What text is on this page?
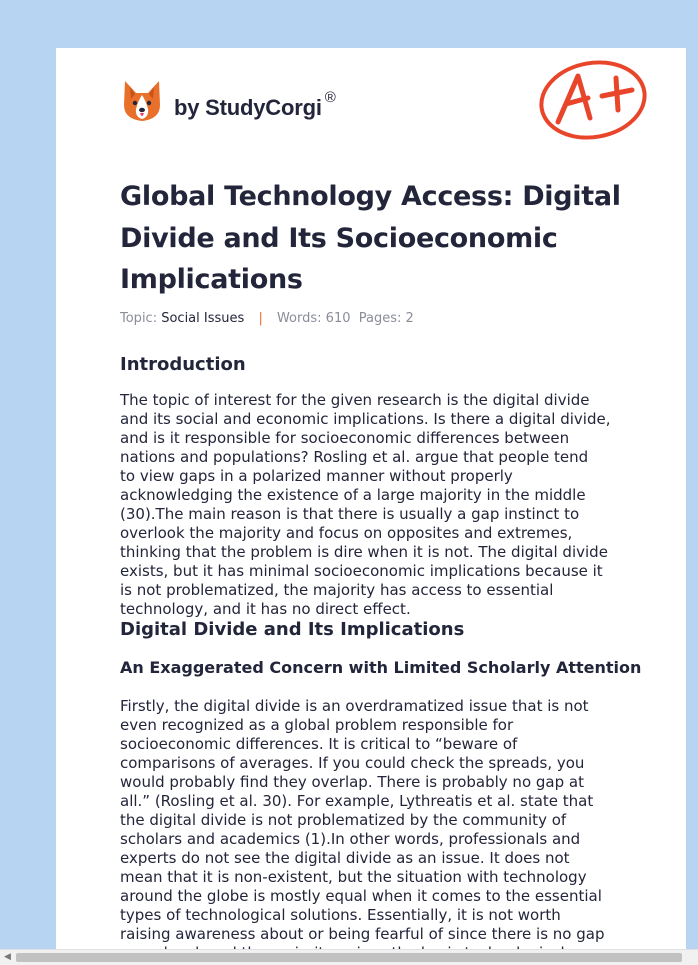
by StudyCorgi ®
Global Technology Access: Digital
Divide and Its Socioeconomic
Implications
Topic: Social Issues | Words: 610 Pages: 2
Introduction
The topic of interest for the given research is the digital divide
and its social and economic implications. Is there a digital divide,
and is it responsible for socioeconomic differences between
nations and populations? Rosling et al. argue that people tend
to view gaps in a polarized manner without properly
acknowledging the existence of a large majority in the middle
(30).The main reason is that there is usually a gap instinct to
overlook the majority and focus on opposites and extremes,
thinking that the problem is dire when it is not. The digital divide
exists, but it has minimal socioeconomic implications because it
is not problematized, the majority has access to essential
technology, and it has no direct effect.
Digital Divide and Its Implications
An Exaggerated Concern with Limited Scholarly Attention
Firstly, the digital divide is an overdramatized issue that is not
even recognized as a global problem responsible for
socioeconomic differences. It is critical to “beware of
comparisons of averages. If you could check the spreads, you
would probably find they overlap. There is probably no gap at
all.” (Rosling et al. 30). For example, Lythreatis et al. state that
the digital divide is not problematized by the community of
scholars and academics (1).In other words, professionals and
experts do not see the digital divide as an issue. It does not
mean that it is non-existent, but the situation with technology
around the globe is mostly equal when it comes to the essential
types of technological solutions. Essentially, it is not worth
raising awareness about or being fearful of since there is no gap
◀
